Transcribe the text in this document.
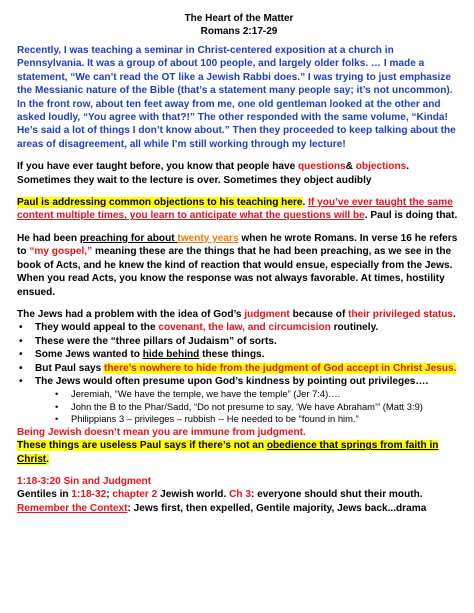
The Heart of the Matter
Romans 2:17-29

Recently, I was teaching a seminar in Christ-centered exposition at a church in Pennsylvania. It was a group of about 100 people, and largely older folks. … I made a statement, “We can’t read the OT like a Jewish Rabbi does.” I was trying to just emphasize the Messianic nature of the Bible (that’s a statement many people say; it’s not uncommon). In the front row, about ten feet away from me, one old gentleman looked at the other and asked loudly, “You agree with that?!” The other responded with the same volume, “Kinda! He’s said a lot of things I don’t know about.” Then they proceeded to keep talking about the areas of disagreement, all while I’m still working through my lecture!

If you have ever taught before, you know that people have questions& objections. Sometimes they wait to the lecture is over. Sometimes they object audibly

Paul is addressing common objections to his teaching here. If you’ve ever taught the same content multiple times, you learn to anticipate what the questions will be. Paul is doing that.

He had been preaching for about twenty years when he wrote Romans. In verse 16 he refers to “my gospel,” meaning these are the things that he had been preaching, as we see in the book of Acts, and he knew the kind of reaction that would ensue, especially from the Jews. When you read Acts, you know the response was not always favorable. At times, hostility ensued.

The Jews had a problem with the idea of God’s judgment because of their privileged status.

• They would appeal to the covenant, the law, and circumcision routinely.
• These were the “three pillars of Judaism” of sorts.
• Some Jews wanted to hide behind these things.
• But Paul says there’s nowhere to hide from the judgment of God accept in Christ Jesus.
• The Jews would often presume upon God’s kindness by pointing out privileges….
• Jeremiah, “We have the temple, we have the temple” (Jer 7:4)….
• John the B to the Phar/Sadd, “Do not presume to say, ‘We have Abraham’” (Matt 3:9)
• Philippians 3 – privileges – rubbish -- He needed to be “found in him.”

Being Jewish doesn’t mean you are immune from judgment.

These things are useless Paul says if there’s not an obedience that springs from faith in Christ.

1:18-3:20 Sin and Judgment

Gentiles in 1:18-32; chapter 2 Jewish world. Ch 3: everyone should shut their mouth.

Remember the Context: Jews first, then expelled, Gentile majority, Jews back...drama
